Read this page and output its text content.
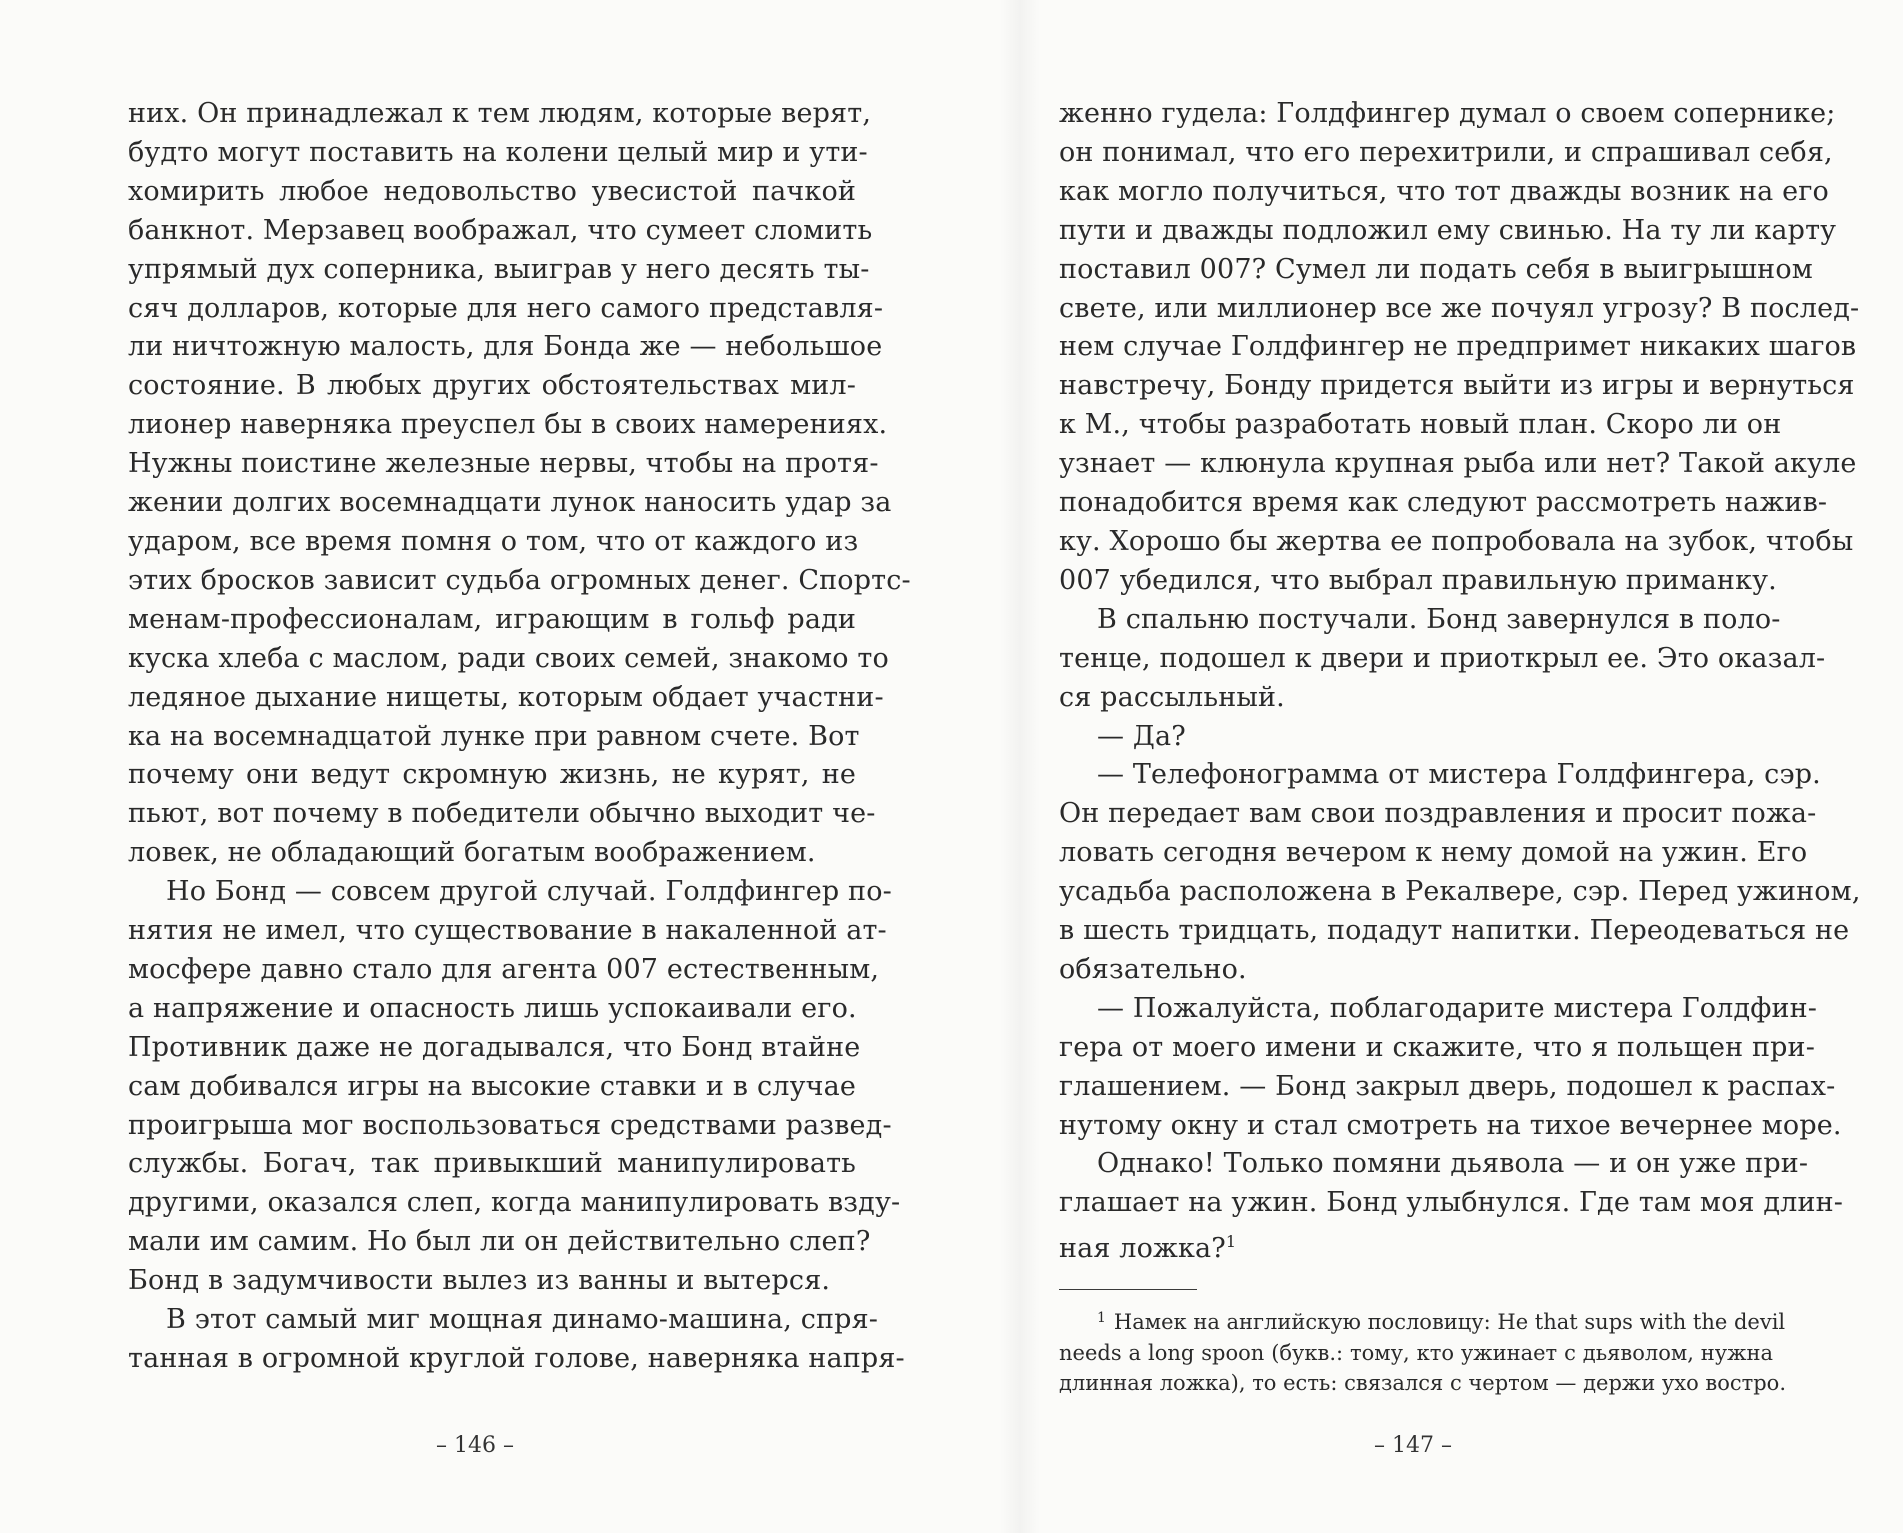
них. Он принадлежал к тем людям, которые верят,
будто могут поставить на колени целый мир и ути-
хомирить любое недовольство увесистой пачкой
банкнот. Мерзавец воображал, что сумеет сломить
упрямый дух соперника, выиграв у него десять ты-
сяч долларов, которые для него самого представля-
ли ничтожную малость, для Бонда же — небольшое
состояние. В любых других обстоятельствах мил-
лионер наверняка преуспел бы в своих намерениях.
Нужны поистине железные нервы, чтобы на протя-
жении долгих восемнадцати лунок наносить удар за
ударом, все время помня о том, что от каждого из
этих бросков зависит судьба огромных денег. Спортс-
менам-профессионалам, играющим в гольф ради
куска хлеба с маслом, ради своих семей, знакомо то
ледяное дыхание нищеты, которым обдает участни-
ка на восемнадцатой лунке при равном счете. Вот
почему они ведут скромную жизнь, не курят, не
пьют, вот почему в победители обычно выходит че-
ловек, не обладающий богатым воображением.
Но Бонд — совсем другой случай. Голдфингер по-
нятия не имел, что существование в накаленной ат-
мосфере давно стало для агента 007 естественным,
а напряжение и опасность лишь успокаивали его.
Противник даже не догадывался, что Бонд втайне
сам добивался игры на высокие ставки и в случае
проигрыша мог воспользоваться средствами развед-
службы. Богач, так привыкший манипулировать
другими, оказался слеп, когда манипулировать взду-
мали им самим. Но был ли он действительно слеп?
Бонд в задумчивости вылез из ванны и вытерся.
В этот самый миг мощная динамо-машина, спря-
танная в огромной круглой голове, наверняка напря-
– 146 –
женно гудела: Голдфингер думал о своем сопернике;
он понимал, что его перехитрили, и спрашивал себя,
как могло получиться, что тот дважды возник на его
пути и дважды подложил ему свинью. На ту ли карту
поставил 007? Сумел ли подать себя в выигрышном
свете, или миллионер все же почуял угрозу? В послед-
нем случае Голдфингер не предпримет никаких шагов
навстречу, Бонду придется выйти из игры и вернуться
к М., чтобы разработать новый план. Скоро ли он
узнает — клюнула крупная рыба или нет? Такой акуле
понадобится время как следуют рассмотреть нажив-
ку. Хорошо бы жертва ее попробовала на зубок, чтобы
007 убедился, что выбрал правильную приманку.
В спальню постучали. Бонд завернулся в поло-
тенце, подошел к двери и приоткрыл ее. Это оказал-
ся рассыльный.
— Да?
— Телефонограмма от мистера Голдфингера, сэр.
Он передает вам свои поздравления и просит пожа-
ловать сегодня вечером к нему домой на ужин. Его
усадьба расположена в Рекалвере, сэр. Перед ужином,
в шесть тридцать, подадут напитки. Переодеваться не
обязательно.
— Пожалуйста, поблагодарите мистера Голдфин-
гера от моего имени и скажите, что я польщен при-
глашением. — Бонд закрыл дверь, подошел к распах-
нутому окну и стал смотреть на тихое вечернее море.
Однако! Только помяни дьявола — и он уже при-
глашает на ужин. Бонд улыбнулся. Где там моя длин-
ная ложка?$^1$
$^1$ Намек на английскую пословицу: He that sups with the devil
needs a long spoon (букв.: тому, кто ужинает с дьяволом, нужна
длинная ложка), то есть: связался с чертом — держи ухо востро.
– 147 –
